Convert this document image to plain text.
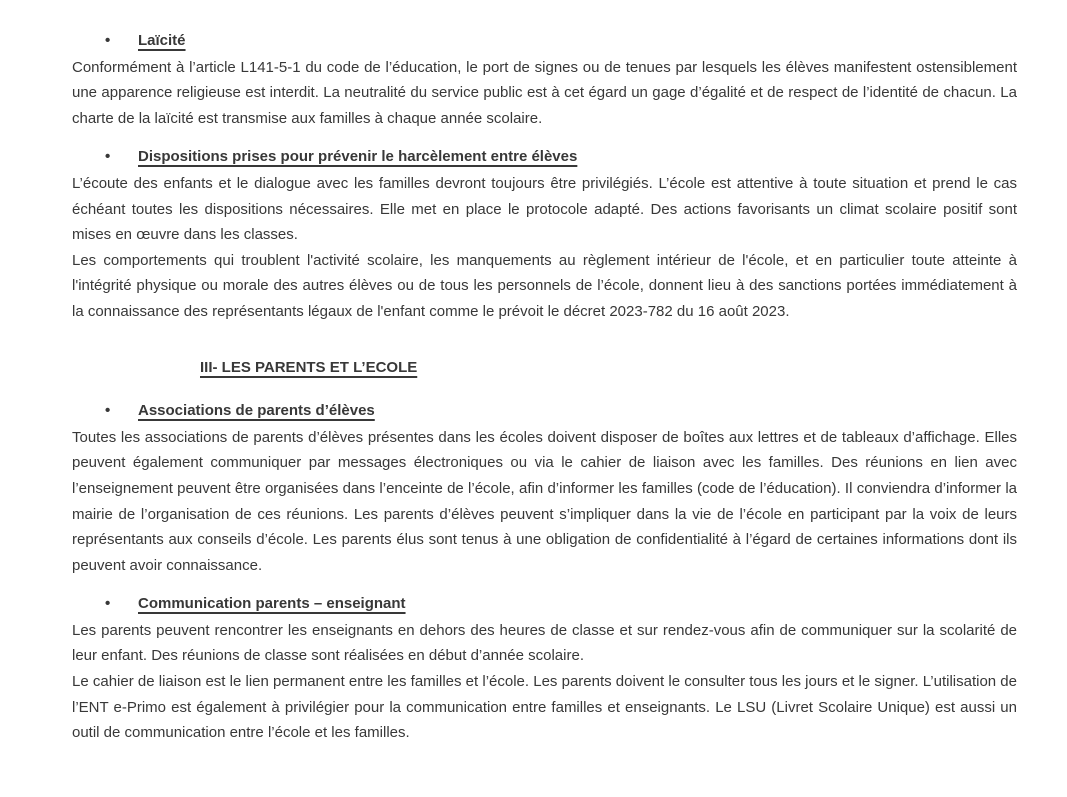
• Laïcité

Conformément à l’article L141-5-1 du code de l’éducation, le port de signes ou de tenues par lesquels les élèves manifestent ostensiblement une apparence religieuse est interdit. La neutralité du service public est à cet égard un gage d’égalité et de respect de l’identité de chacun. La charte de la laïcité est transmise aux familles à chaque année scolaire.

• Dispositions prises pour prévenir le harcèlement entre élèves

L’écoute des enfants et le dialogue avec les familles devront toujours être privilégiés. L’école est attentive à toute situation et prend le cas échéant toutes les dispositions nécessaires. Elle met en place le protocole adapté. Des actions favorisants un climat scolaire positif sont mises en œuvre dans les classes.

Les comportements qui troublent l'activité scolaire, les manquements au règlement intérieur de l'école, et en particulier toute atteinte à l'intégrité physique ou morale des autres élèves ou de tous les personnels de l’école, donnent lieu à des sanctions portées immédiatement à la connaissance des représentants légaux de l'enfant comme le prévoit le décret 2023-782 du 16 août 2023.

III- LES PARENTS ET L’ECOLE
• Associations de parents d’élèves

Toutes les associations de parents d’élèves présentes dans les écoles doivent disposer de boîtes aux lettres et de tableaux d’affichage. Elles peuvent également communiquer par messages électroniques ou via le cahier de liaison avec les familles. Des réunions en lien avec l’enseignement peuvent être organisées dans l’enceinte de l’école, afin d’informer les familles (code de l’éducation). Il conviendra d’informer la mairie de l’organisation de ces réunions. Les parents d’élèves peuvent s’impliquer dans la vie de l’école en participant par la voix de leurs représentants aux conseils d’école. Les parents élus sont tenus à une obligation de confidentialité à l’égard de certaines informations dont ils peuvent avoir connaissance.

• Communication parents – enseignant

Les parents peuvent rencontrer les enseignants en dehors des heures de classe et sur rendez-vous afin de communiquer sur la scolarité de leur enfant. Des réunions de classe sont réalisées en début d’année scolaire.

Le cahier de liaison est le lien permanent entre les familles et l’école. Les parents doivent le consulter tous les jours et le signer. L’utilisation de l’ENT e-Primo est également à privilégier pour la communication entre familles et enseignants. Le LSU (Livret Scolaire Unique) est aussi un outil de communication entre l’école et les familles.
